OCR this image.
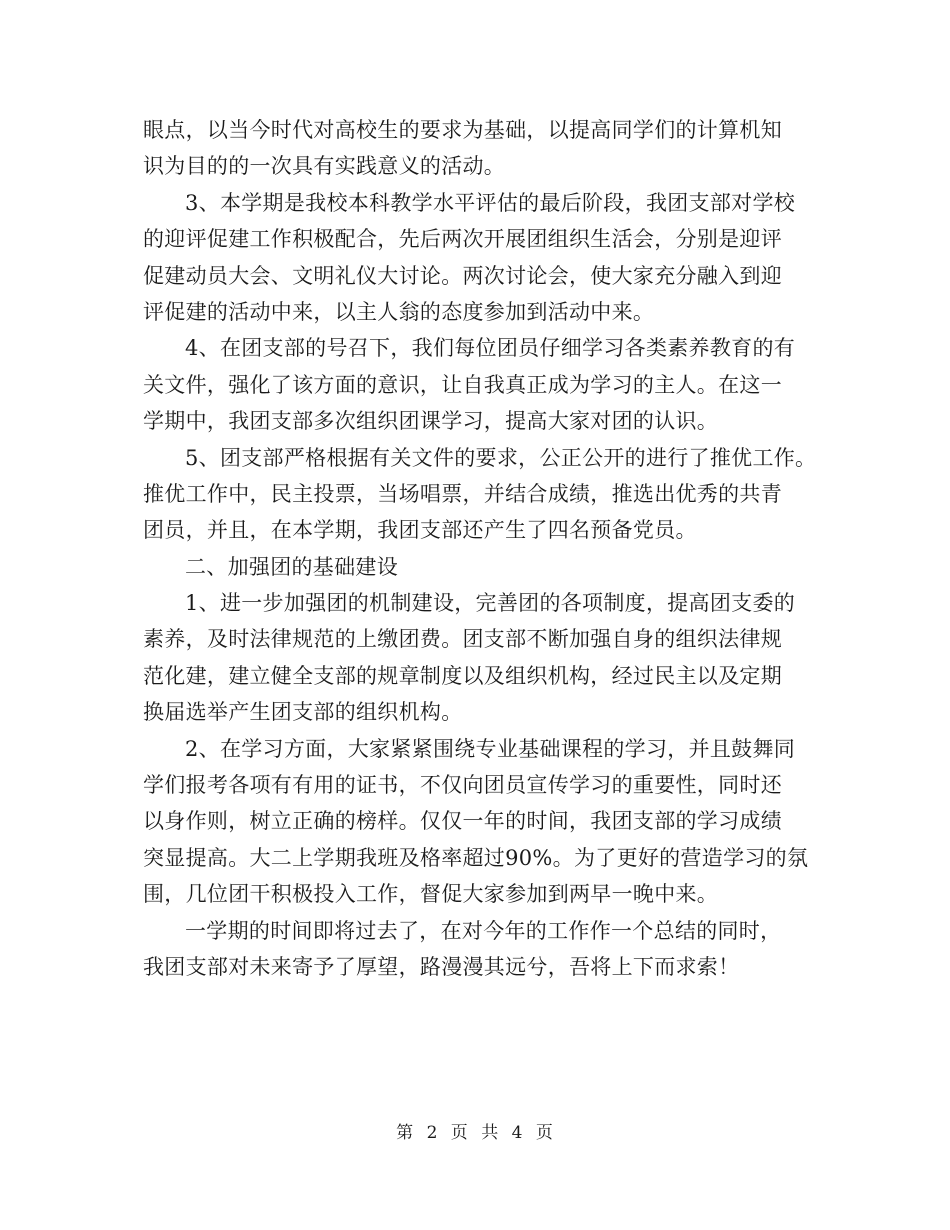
眼点，以当今时代对高校生的要求为基础，以提高同学们的计算机知
识为目的的一次具有实践意义的活动。
3、本学期是我校本科教学水平评估的最后阶段，我团支部对学校
的迎评促建工作积极配合，先后两次开展团组织生活会，分别是迎评
促建动员大会、文明礼仪大讨论。两次讨论会，使大家充分融入到迎
评促建的活动中来，以主人翁的态度参加到活动中来。
4、在团支部的号召下，我们每位团员仔细学习各类素养教育的有
关文件，强化了该方面的意识，让自我真正成为学习的主人。在这一
学期中，我团支部多次组织团课学习，提高大家对团的认识。
5、团支部严格根据有关文件的要求，公正公开的进行了推优工作。
推优工作中，民主投票，当场唱票，并结合成绩，推选出优秀的共青
团员，并且，在本学期，我团支部还产生了四名预备党员。
二、加强团的基础建设
1、进一步加强团的机制建设，完善团的各项制度，提高团支委的
素养，及时法律规范的上缴团费。团支部不断加强自身的组织法律规
范化建，建立健全支部的规章制度以及组织机构，经过民主以及定期
换届选举产生团支部的组织机构。
2、在学习方面，大家紧紧围绕专业基础课程的学习，并且鼓舞同
学们报考各项有有用的证书，不仅向团员宣传学习的重要性，同时还
以身作则，树立正确的榜样。仅仅一年的时间，我团支部的学习成绩
突显提高。大二上学期我班及格率超过90%。为了更好的营造学习的氛
围，几位团干积极投入工作，督促大家参加到两早一晚中来。
一学期的时间即将过去了，在对今年的工作作一个总结的同时，
我团支部对未来寄予了厚望，路漫漫其远兮，吾将上下而求索！
第 2 页 共 4 页
